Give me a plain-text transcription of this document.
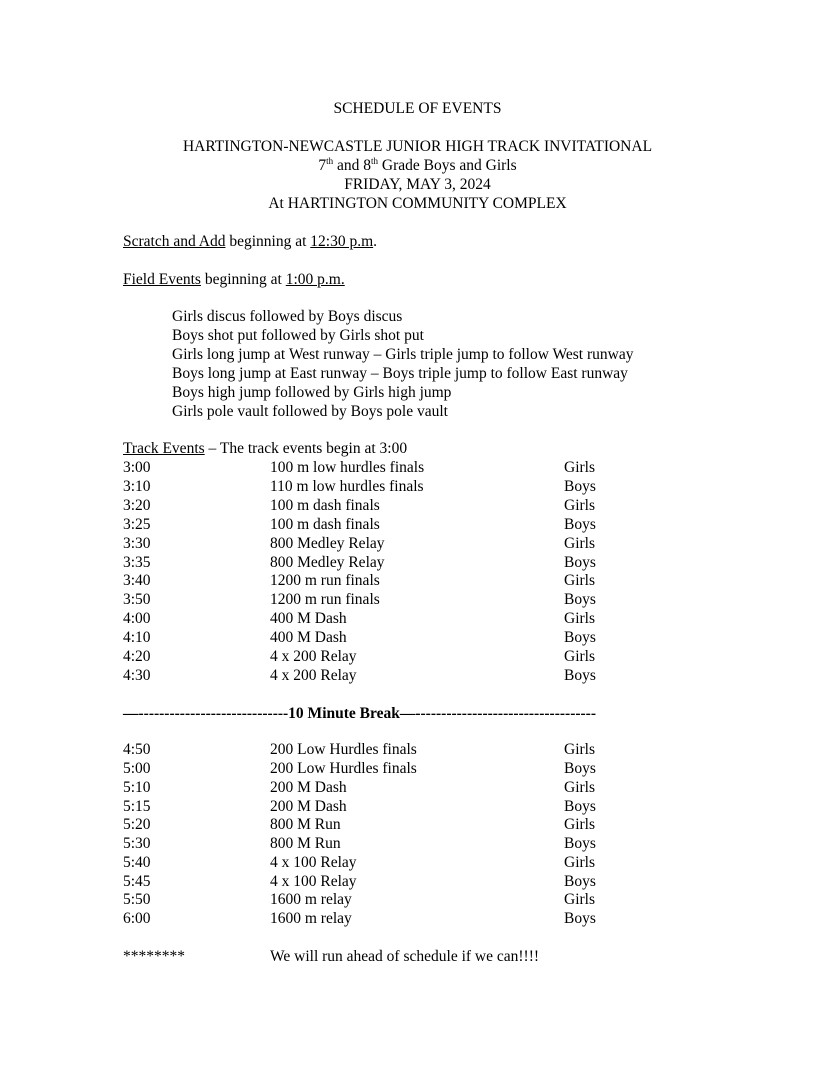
SCHEDULE OF EVENTS
HARTINGTON-NEWCASTLE JUNIOR HIGH TRACK INVITATIONAL
7th and 8th Grade Boys and Girls
FRIDAY, MAY 3, 2024
At HARTINGTON COMMUNITY COMPLEX
Scratch and Add beginning at 12:30 p.m.
Field Events beginning at 1:00 p.m.
Girls discus followed by Boys discus
Boys shot put followed by Girls shot put
Girls long jump at West runway – Girls triple jump to follow West runway
Boys long jump at East runway – Boys triple jump to follow East runway
Boys high jump followed by Girls high jump
Girls pole vault followed by Boys pole vault
Track Events – The track events begin at 3:00
3:00	100 m low hurdles finals	Girls
3:10	110 m low hurdles finals	Boys
3:20	100 m dash finals	Girls
3:25	100 m dash finals	Boys
3:30	800 Medley Relay	Girls
3:35	800 Medley Relay	Boys
3:40	1200 m run finals	Girls
3:50	1200 m run finals	Boys
4:00	400 M Dash	Girls
4:10	400 M Dash	Boys
4:20	4 x 200 Relay	Girls
4:30	4 x 200 Relay	Boys
—-----------------------------10 Minute Break—-----------------------------------
4:50	200 Low Hurdles finals	Girls
5:00	200 Low Hurdles finals	Boys
5:10	200 M Dash	Girls
5:15	200 M Dash	Boys
5:20	800 M Run	Girls
5:30	800 M Run	Boys
5:40	4 x 100 Relay	Girls
5:45	4 x 100 Relay	Boys
5:50	1600 m relay	Girls
6:00	1600 m relay	Boys
********	We will run ahead of schedule if we can!!!!
